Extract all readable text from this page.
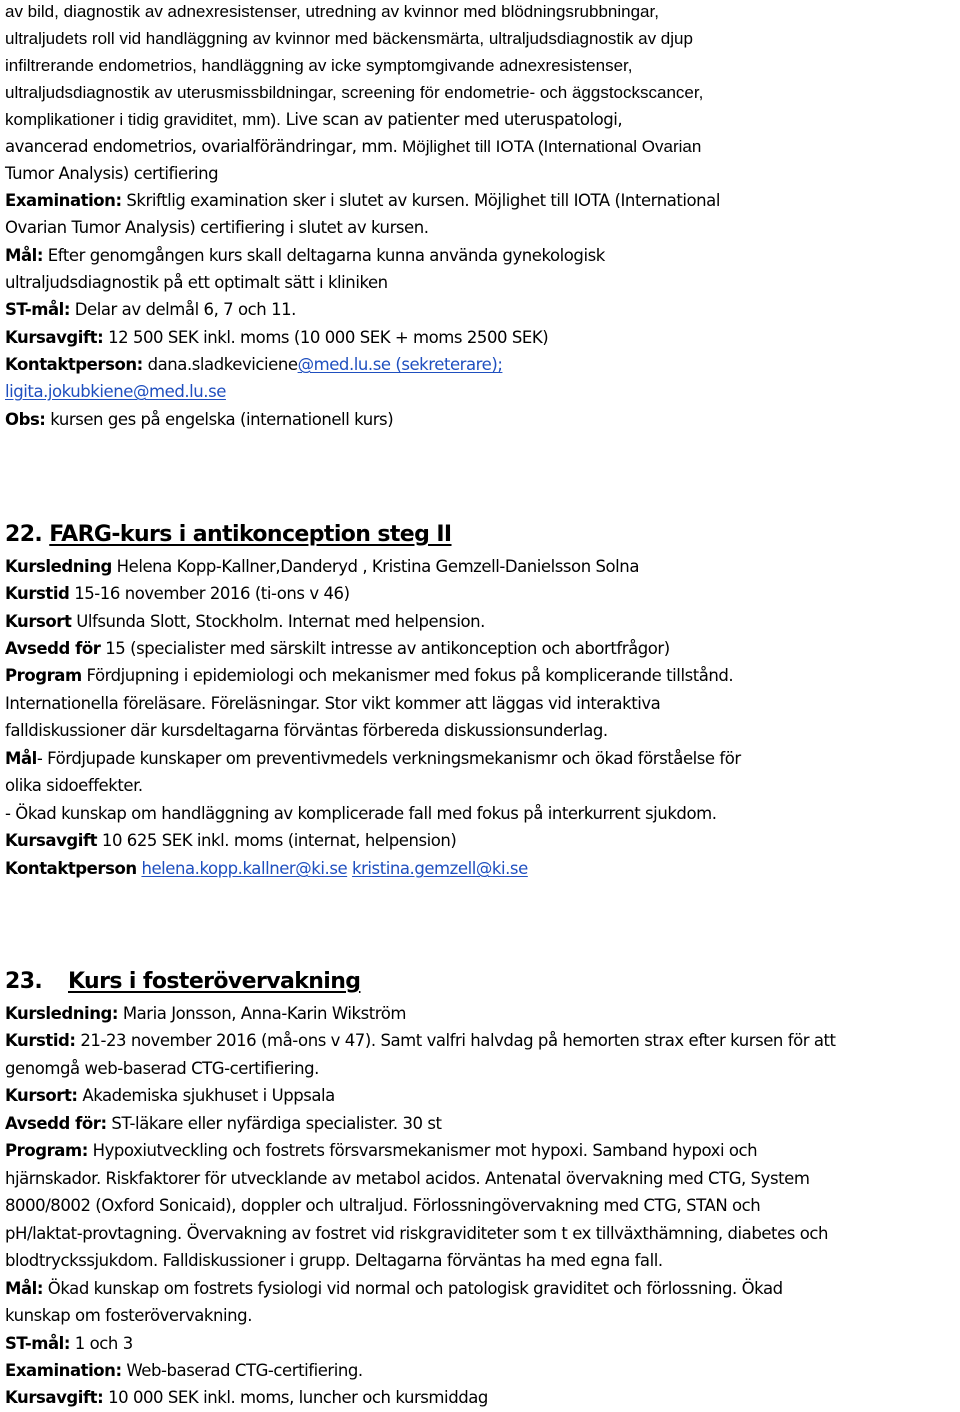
av bild, diagnostik av adnexresistenser, utredning av kvinnor med blödningsrubbningar,
ultraljudets roll vid handläggning av kvinnor med bäckensmärta, ultraljudsdiagnostik av djup
infiltrerande endometrios, handläggning av icke symptomgivande adnexresistenser,
ultraljudsdiagnostik av uterusmissbildningar, screening för endometrie- och äggstockscancer,
komplikationer i tidig graviditet, mm). Live scan av patienter med uteruspatologi,
avancerad endometrios, ovarialförändringar, mm. Möjlighet till IOTA (International Ovarian
Tumor Analysis) certifiering
Examination: Skriftlig examination sker i slutet av kursen. Möjlighet till IOTA (International
Ovarian Tumor Analysis) certifiering i slutet av kursen.
Mål: Efter genomgången kurs skall deltagarna kunna använda gynekologisk
ultraljudsdiagnostik på ett optimalt sätt i kliniken
ST-mål: Delar av delmål 6, 7 och 11.
Kursavgift: 12 500 SEK inkl. moms (10 000 SEK + moms 2500 SEK)
Kontaktperson: dana.sladkeviciene@med.lu.se (sekreterare);
ligita.jokubkiene@med.lu.se
Obs: kursen ges på engelska (internationell kurs)
22. FARG-kurs i antikonception steg II
Kursledning Helena Kopp-Kallner,Danderyd , Kristina Gemzell-Danielsson Solna
Kurstid 15-16 november 2016 (ti-ons v 46)
Kursort Ulfsunda Slott, Stockholm. Internat med helpension.
Avsedd för 15 (specialister med särskilt intresse av antikonception och abortfrågor)
Program Fördjupning i epidemiologi och mekanismer med fokus på komplicerande tillstånd.
Internationella föreläsare. Föreläsningar. Stor vikt kommer att läggas vid interaktiva
falldiskussioner där kursdeltagarna förväntas förbereda diskussionsunderlag.
Mål- Fördjupade kunskaper om preventivmedels verkningsmekanismr och ökad förståelse för
olika sidoeffekter.
- Ökad kunskap om handläggning av komplicerade fall med fokus på interkurrent sjukdom.
Kursavgift 10 625 SEK inkl. moms (internat, helpension)
Kontaktperson helena.kopp.kallner@ki.se kristina.gemzell@ki.se
23. Kurs i fosterövervakning
Kursledning: Maria Jonsson, Anna-Karin Wikström
Kurstid: 21-23 november 2016 (må-ons v 47). Samt valfri halvdag på hemorten strax efter kursen för att
genomgå web-baserad CTG-certifiering.
Kursort: Akademiska sjukhuset i Uppsala
Avsedd för: ST-läkare eller nyfärdiga specialister. 30 st
Program: Hypoxiutveckling och fostrets försvarsmekanismer mot hypoxi. Samband hypoxi och
hjärnskador. Riskfaktorer för utvecklande av metabol acidos. Antenatal övervakning med CTG, System
8000/8002 (Oxford Sonicaid), doppler och ultraljud. Förlossningövervakning med CTG, STAN och
pH/laktat-provtagning. Övervakning av fostret vid riskgraviditeter som t ex tillväxthämning, diabetes och
blodtryckssjukdom. Falldiskussioner i grupp. Deltagarna förväntas ha med egna fall.
Mål: Ökad kunskap om fostrets fysiologi vid normal och patologisk graviditet och förlossning. Ökad
kunskap om fosterövervakning.
ST-mål: 1 och 3
Examination: Web-baserad CTG-certifiering.
Kursavgift: 10 000 SEK inkl. moms, luncher och kursmiddag
